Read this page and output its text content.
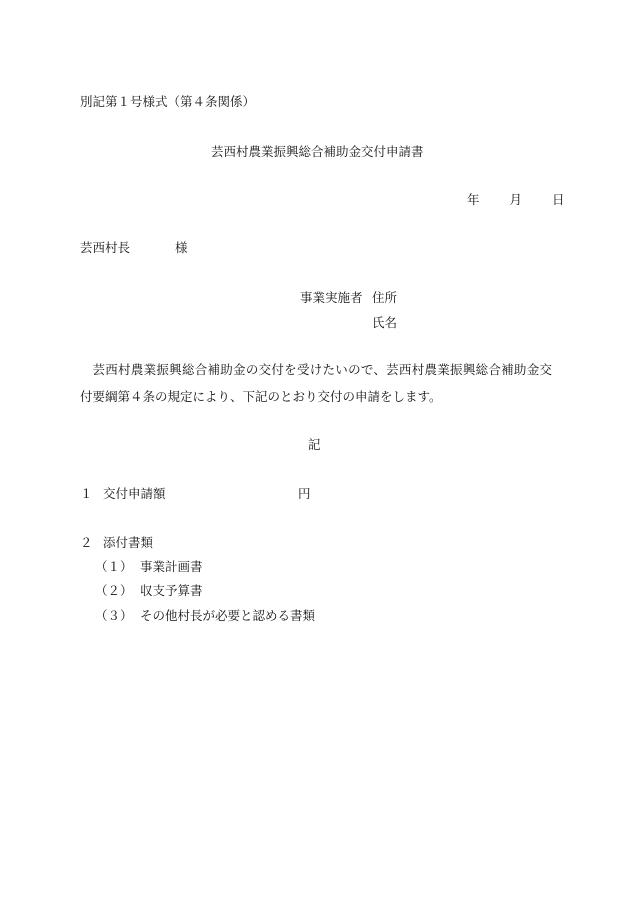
別記第１号様式（第４条関係）
芸西村農業振興総合補助金交付申請書
年 月 日
芸西村長	様
事業実施者 住所
氏名
芸西村農業振興総合補助金の交付を受けたいので、芸西村農業振興総合補助金交付要綱第４条の規定により、下記のとおり交付の申請をします。
記
１ 交付申請額	円
２ 添付書類
（１） 事業計画書
（２） 収支予算書
（３） その他村長が必要と認める書類
